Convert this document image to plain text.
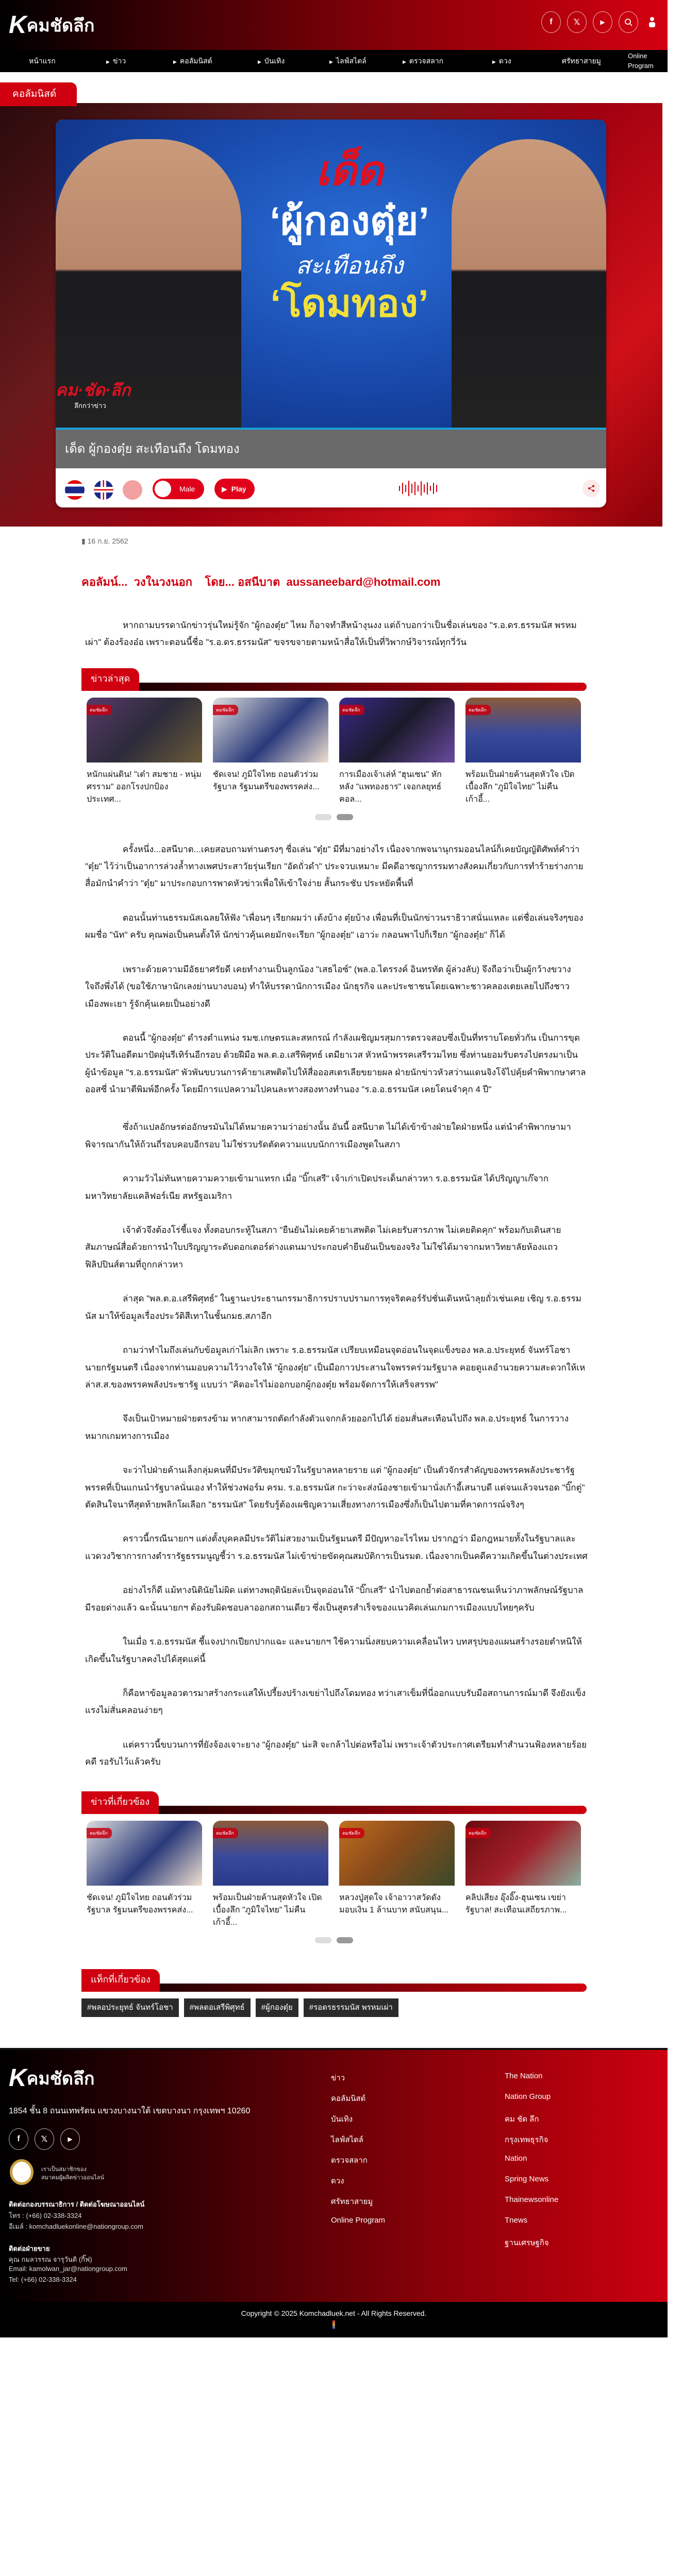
K คมชัดลึก	f	𝕏	▶
หน้าแรก	▶ ข่าว	▶ คอลัมนิสต์	▶ บันเทิง	▶ ไลฟ์สไตล์	▶ ตรวจสลาก	▶ ดวง	ศรัทธาสายมู
Online Program
คอลัมนิสต์
เด็ด
‘ผู้กองตุ๋ย’
สะเทือนถึง
‘โดมทอง’
คม·ชัด·ลึก
ลึกกว่าข่าว
เด็ด ผู้กองตุ๋ย สะเทือนถึง โดมทอง
Male	▶ Play
▮ 16 ก.ย. 2562
คอลัมน์...  วงในวงนอก    โดย... อสนีบาต  aussaneebard@hotmail.com

หากถามบรรดานักข่าวรุ่นใหม่รู้จัก "ผู้กองตุ๋ย" ไหม ก็อาจทำสีหน้างุนงง แต่ถ้าบอกว่าเป็นชื่อเล่นของ "ร.อ.ดร.ธรรมนัส พรหมเผ่า" ต้องร้องอ๋อ เพราะตอนนี้ชื่อ "ร.อ.ดร.ธรรมนัส" ขจรขจายตามหน้าสื่อให้เป็นที่วิพากษ์วิจารณ์ทุกวี่วัน

ข่าวล่าสุด
คมชัดลึก
หนักแผ่นดิน! "เต๋า สมชาย - หนุ่ม ศรราม" ออกโรงปกป้องประเทศ...
คมชัดลึก
ชัดเจน! ภูมิใจไทย ถอนตัวร่วมรัฐบาล รัฐมนตรีของพรรคส่ง...
คมชัดลึก
การเมืองเจ้าเล่ห์ "ฮุนเซน" หักหลัง "แพทองธาร" เจอกลยุทธ์คอล...
คมชัดลึก
พร้อมเป็นฝ่ายค้านสุดหัวใจ เปิดเบื้องลึก "ภูมิใจไทย" ไม่คืนเก้าอี้...

ครั้งหนึ่ง...อสนีบาต...เคยสอบถามท่านตรงๆ ชื่อเล่น "ตุ๋ย" มีที่มาอย่างไร เนื่องจากพจนานุกรมออนไลน์ก็เคยบัญญัติศัพท์คำว่า "ตุ๋ย" ไว้ว่าเป็นอาการล่วงล้ำทางเพศประสาวัยรุ่นเรียก "อัดถั่วดำ" ประจวบเหมาะ มีคดีอาชญากรรมทางสังคมเกี่ยวกับการทำร้ายร่างกาย สื่อมักนำคำว่า "ตุ๋ย" มาประกอบการพาดหัวข่าวเพื่อให้เข้าใจง่าย สั้นกระชับ ประหยัดพื้นที่

ตอนนั้นท่านธรรมนัสเฉลยให้ฟัง "เพื่อนๆ เรียกผมว่า เต้งบ้าง ตุ๋ยบ้าง เพื่อนที่เป็นนักข่าวนราธิวาสนั่นแหละ แต่ชื่อเล่นจริงๆของผมชื่อ "นัท" ครับ คุณพ่อเป็นคนตั้งให้ นักข่าวคุ้นเคยมักจะเรียก "ผู้กองตุ๋ย" เอาว่ะ กลอนพาไปก็เรียก "ผู้กองตุ๋ย" ก็ได้

เพราะด้วยความมีอัธยาศรัยดี เคยทำงานเป็นลูกน้อง "เสธไอซ์" (พล.อ.ไตรรงค์ อินทรทัต ผู้ล่วงลับ) จึงถือว่าเป็นผู้กว้างขวาง ใจถึงพึ่งได้ (ขอใช้ภาษานักเลงย่านบางบอน) ทำให้บรรดานักการเมือง นักธุรกิจ และประชาชนโดยเฉพาะชาวคลองเตยเลยไปถึงชาวเมืองพะเยา รู้จักคุ้นเคยเป็นอย่างดี

ตอนนี้ "ผู้กองตุ๋ย" ดำรงตำแหน่ง รมช.เกษตรและสหกรณ์ กำลังเผชิญมรสุมการตรวจสอบซึ่งเป็นที่ทราบโดยทั่วกัน เป็นการขุดประวัติในอดีตมาปัดฝุ่นรีเทิร์นอีกรอบ ด้วยฝีมือ พล.ต.อ.เสรีพิศุทธ์ เตมียาเวส หัวหน้าพรรคเสรีรวมไทย ซึ่งท่านยอมรับตรงไปตรงมาเป็นผู้นำข้อมูล "ร.อ.ธรรมนัส" พัวพันขบวนการค้ายาเสพติดไปให้สื่อออสเตรเลียขยายผล ฝ่ายนักข่าวหัวสว่านแดนจิงโจ้ไปคุ้ยคำพิพากษาศาลออสซี่ นำมาตีพิมพ์อีกครั้ง โดยมีการแปลความไปคนละทางสองทางทำนอง "ร.อ.อ.ธรรมนัส เคยโดนจำคุก 4 ปี"

ซึ่งถ้าแปลอักษรต่ออักษรมันไม่ได้หมายความว่าอย่างนั้น อันนี้ อสนีบาต ไม่ได้เข้าข้างฝ่ายใดฝ่ายหนึ่ง แต่นำคำพิพากษามาพิจารณากันให้ถ้วนถี่รอบคอบอีกรอบ ไม่ใช่รวบรัดตัดความแบบนักการเมืองพูดในสภา

ความวัวไม่ทันหายความควายเข้ามาแทรก เมื่อ "บิ๊กเสรี" เจ้าเก่าเปิดประเด็นกล่าวหา ร.อ.ธรรมนัส ได้ปริญญาเก๊จากมหาวิทยาลัยแคลิฟอร์เนีย สหรัฐอเมริกา

เจ้าตัวจึงต้องโร่ชี้แจง ทั้งตอบกระทู้ในสภา "ยืนยันไม่เคยค้ายาเสพติด ไม่เคยรับสารภาพ ไม่เคยติดคุก" พร้อมกับเดินสายสัมภาษณ์สื่อด้วยการนำใบปริญญาระดับดอกเตอร์ต่างแดนมาประกอบคำยืนยันเป็นของจริง ไม่ใช่ได้มาจากมหาวิทยาลัยห้องแถวฟิลิปปินส์ตามที่ถูกกล่าวหา

ล่าสุด "พล.ต.อ.เสรีพิศุทธ์" ในฐานะประธานกรรมาธิการปราบปรามการทุจริตคอร์รัปชั่นเดินหน้าลุยถั่วเช่นเคย เชิญ ร.อ.ธรรมนัส มาให้ข้อมูลเรื่องประวัติสีเทาในชั้นกมธ.สภาอีก

ถามว่าทำไมถึงเล่นกับข้อมูลเก่าไม่เลิก เพราะ ร.อ.ธรรมนัส เปรียบเหมือนจุดอ่อนในจุดแข็งของ พล.อ.ประยุทธ์ จันทร์โอชา นายกรัฐมนตรี เนื่องจากท่านมอบความไว้วางใจให้ "ผู้กองตุ๋ย" เป็นมือกาวประสานใจพรรคร่วมรัฐบาล คอยดูแลอำนวยความสะดวกให้เหล่าส.ส.ของพรรคพลังประชารัฐ แบบว่า "คิดอะไรไม่ออกบอกผู้กองตุ๋ย พร้อมจัดการให้เสร็จสรรพ"

จึงเป็นเป้าหมายฝ่ายตรงข้าม หากสามารถตัดกำลังตัวแจกกล้วยออกไปได้ ย่อมสั่นสะเทือนไปถึง พล.อ.ประยุทธ์ ในการวางหมากเกมทางการเมือง

จะว่าไปฝ่ายค้านเล็งกลุ่มคนที่มีประวัติขมุกขมัวในรัฐบาลหลายราย แต่ "ผู้กองตุ๋ย" เป็นตัวจักรสำคัญของพรรคพลังประชารัฐ พรรคที่เป็นแกนนำรัฐบาลนั่นเอง ทำให้ช่วงฟอร์ม ครม. ร.อ.ธรรมนัส กะว่าจะส่งน้องชายเข้ามานั่งเก้าอี้เสนาบดี แต่จนแล้วจนรอด "บิ๊กตู่" ตัดสินใจนาทีสุดท้ายพลิกโผเลือก "ธรรมนัส" โดยรับรู้ต้องเผชิญความเสี่ยงทางการเมืองซึ่งก็เป็นไปตามที่คาดการณ์จริงๆ

คราวนี้กรณีนายกฯ แต่งตั้งบุคคลมีประวัติไม่สวยงามเป็นรัฐมนตรี มีปัญหาอะไรไหม ปรากฏว่า มือกฎหมายทั้งในรัฐบาลและแวดวงวิชาการกางตำรารัฐธรรมนูญชี้ว่า ร.อ.ธรรมนัส ไม่เข้าข่ายขัดคุณสมบัติการเป็นรมต. เนื่องจากเป็นคดีความเกิดขึ้นในต่างประเทศ

อย่างไรก็ดี แม้ทางนิตินัยไม่ผิด แต่ทางพฤตินัยล่ะเป็นจุดอ่อนให้ "บิ๊กเสรี" นำไปตอกย้ำต่อสาธารณชนเห็นว่าภาพลักษณ์รัฐบาลมีรอยด่างแล้ว ฉะนั้นนายกฯ ต้องรับผิดชอบลาออกสถานเดียว ซึ่งเป็นสูตรสำเร็จของแนวคิดเล่นเกมการเมืองแบบไทยๆครับ

ในเมื่อ ร.อ.ธรรมนัส ชี้แจงปากเปียกปากแฉะ และนายกฯ ใช้ความนิ่งสยบความเคลื่อนไหว บทสรุปของแผนสร้างรอยตำหนิให้เกิดขึ้นในรัฐบาลคงไปได้สุดแค่นี้

ก็คือหาข้อมูลอวตารมาสร้างกระแสให้เปรี้ยงปร้างเขย่าไปถึงโดมทอง ทว่าเสาเข็มที่นี่ออกแบบรับมือสถานการณ์มาดี จึงยังแข็งแรงไม่สั่นคลอนง่ายๆ

แต่คราวนี้ขบวนการที่ยังจ้องเจาะยาง "ผู้กองตุ๋ย" น่ะสิ จะกล้าไปต่อหรือไม่ เพราะเจ้าตัวประกาศเตรียมทำสำนวนฟ้องหลายร้อยคดี รอรับไว้แล้วครับ

ข่าวที่เกี่ยวข้อง
คมชัดลึก
ชัดเจน! ภูมิใจไทย ถอนตัวร่วมรัฐบาล รัฐมนตรีของพรรคส่ง...
คมชัดลึก
พร้อมเป็นฝ่ายค้านสุดหัวใจ เปิดเบื้องลึก "ภูมิใจไทย" ไม่คืนเก้าอี้...
คมชัดลึก
หลวงปู่สุดใจ เจ้าอาวาสวัดดัง มอบเงิน 1 ล้านบาท สนับสนุน...
คมชัดลึก
คลิปเสียง อุ๊งอิ๊ง-ฮุนเซน เขย่ารัฐบาล! สะเทือนเสถียรภาพ...
แท็กที่เกี่ยวข้อง
#พลอประยุทธ์ จันทร์โอชา	#พลตอเสรีพิศุทธ์	#ผู้กองตุ๋ย	#รอดรธรรมนัส พรหมเผ่า
K คมชัดลึก
1854 ชั้น 8 ถนนเทพรัตน แขวงบางนาใต้ เขตบางนา กรุงเทพฯ 10260
f	𝕏	▶
เราเป็นสมาชิกของ
สมาคมผู้ผลิตข่าวออนไลน์
ติดต่อกองบรรณาธิการ / ติดต่อโฆษณาออนไลน์
โทร : (+66) 02-338-3324
อีเมล์ : komchadluekonline@nationgroup.com
ติดต่อฝ่ายขาย
คุณ กมลวรรณ จารุวันติ (กิ๊ฟ)
Email: kamolwan_jar@nationgroup.com
Tel: (+66) 02-338-3324
ข่าว
คอลัมนิสต์
บันเทิง
ไลฟ์สไตล์
ตรวจสลาก
ดวง
ศรัทธาสายมู
Online Program
The Nation
Nation Group
คม ชัด ลึก
กรุงเทพธุรกิจ
Nation
Spring News
Thainewsonline
Tnews
ฐานเศรษฐกิจ
Copyright © 2025 Komchadluek.net - All Rights Reserved.
